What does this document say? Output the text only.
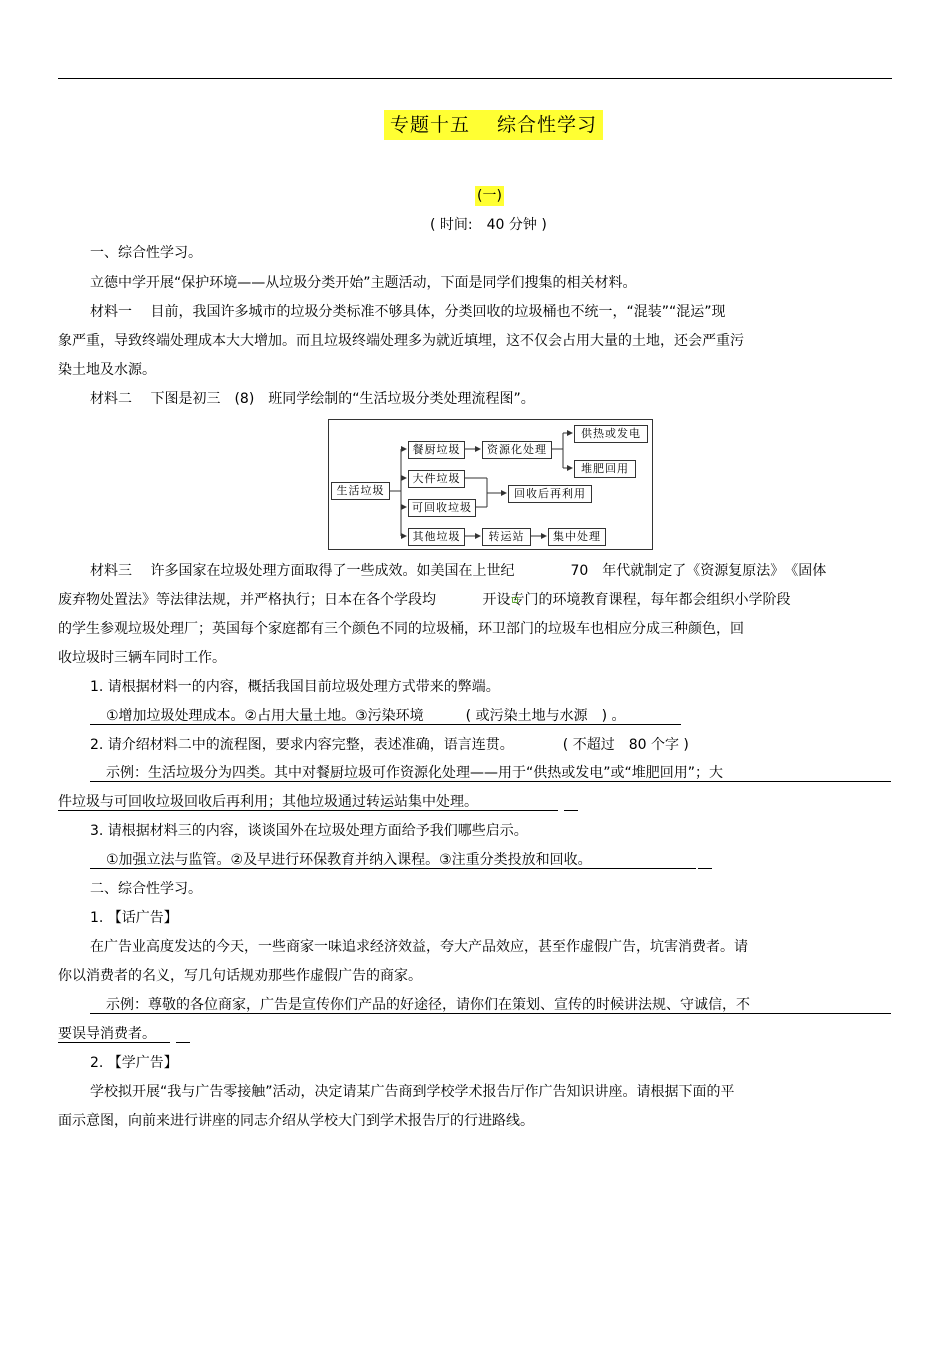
专题十五　 综合性学习
(一)
( 时间:　40 分钟 )
一、综合性学习。
立德中学开展“保护环境——从垃圾分类开始”主题活动，下面是同学们搜集的相关材料。
材料一　 目前，我国许多城市的垃圾分类标准不够具体，分类回收的垃圾桶也不统一，“混装”“混运”现
象严重，导致终端处理成本大大增加。而且垃圾终端处理多为就近填埋，这不仅会占用大量的土地，还会严重污
染土地及水源。
材料二　 下图是初三　(8)　班同学绘制的“生活垃圾分类处理流程图”。
生活垃圾
餐厨垃圾	资源化处理
供热或发电
堆肥回用
大件垃圾
可回收垃圾
回收后再利用
其他垃圾	转运站	集中处理
材料三　 许多国家在垃圾处理方面取得了一些成效。如美国在上世纪　　　　70　年代就制定了《资源复原法》　《固体
废弃物处置法》等法律法规，并严格执行；日本在各个学段均　　　 开设专门的环境教育课程，每年都会组织小学阶段
的学生参观垃圾处理厂；英国每个家庭都有三个颜色不同的垃圾桶，环卫部门的垃圾车也相应分成三种颜色，回
收垃圾时三辆车同时工作。
1. 请根据材料一的内容，概括我国目前垃圾处理方式带来的弊端。
①增加垃圾处理成本。②占用大量土地。③污染环境　　　( 或污染土地与水源　) 。
2. 请介绍材料二中的流程图，要求内容完整，表述准确，语言连贯。　　　　( 不超过　80 个字 )
示例：生活垃圾分为四类。其中对餐厨垃圾可作资源化处理——用于“供热或发电”或“堆肥回用”；大
件垃圾与可回收垃圾回收后再利用；其他垃圾通过转运站集中处理。
3. 请根据材料三的内容，谈谈国外在垃圾处理方面给予我们哪些启示。
①加强立法与监管。②及早进行环保教育并纳入课程。③注重分类投放和回收。
二、综合性学习。
1. 【话广告】
在广告业高度发达的今天，一些商家一味追求经济效益，夸大产品效应，甚至作虚假广告，坑害消费者。请
你以消费者的名义，写几句话规劝那些作虚假广告的商家。
示例：尊敬的各位商家，广告是宣传你们产品的好途径，请你们在策划、宣传的时候讲法规、守诚信，不
要误导消费者。
2. 【学广告】
学校拟开展“我与广告零接触”活动，决定请某广告商到学校学术报告厅作广告知识讲座。请根据下面的平
面示意图，向前来进行讲座的同志介绍从学校大门到学术报告厅的行进路线。
